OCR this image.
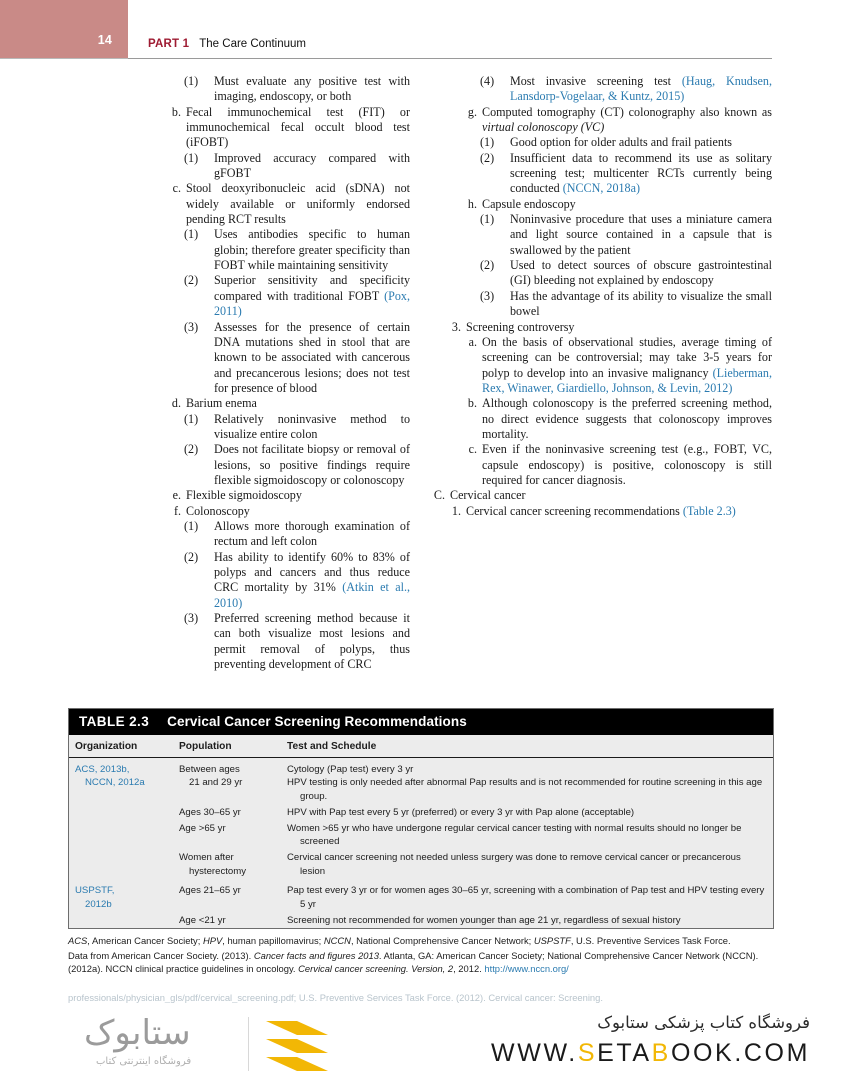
14	PART 1 The Care Continuum
(1)	Must evaluate any positive test with imaging, endoscopy, or both
b. Fecal immunochemical test (FIT) or immunochemical fecal occult blood test (iFOBT)
(1)	Improved accuracy compared with gFOBT
c. Stool deoxyribonucleic acid (sDNA) not widely available or uniformly endorsed pending RCT results
(1)	Uses antibodies specific to human globin; therefore greater specificity than FOBT while maintaining sensitivity
(2)	Superior sensitivity and specificity compared with traditional FOBT (Pox, 2011)
(3)	Assesses for the presence of certain DNA mutations shed in stool that are known to be associated with cancerous and precancerous lesions; does not test for presence of blood
d. Barium enema
(1)	Relatively noninvasive method to visualize entire colon
(2)	Does not facilitate biopsy or removal of lesions, so positive findings require flexible sigmoidoscopy or colonoscopy
e. Flexible sigmoidoscopy
f. Colonoscopy
(1)	Allows more thorough examination of rectum and left colon
(2)	Has ability to identify 60% to 83% of polyps and cancers and thus reduce CRC mortality by 31% (Atkin et al., 2010)
(3)	Preferred screening method because it can both visualize most lesions and permit removal of polyps, thus preventing development of CRC
(4)	Most invasive screening test (Haug, Knudsen, Lansdorp-Vogelaar, & Kuntz, 2015)
g. Computed tomography (CT) colonography also known as virtual colonoscopy (VC)
(1)	Good option for older adults and frail patients
(2)	Insufficient data to recommend its use as solitary screening test; multicenter RCTs currently being conducted (NCCN, 2018a)
h. Capsule endoscopy
(1)	Noninvasive procedure that uses a miniature camera and light source contained in a capsule that is swallowed by the patient
(2)	Used to detect sources of obscure gastrointestinal (GI) bleeding not explained by endoscopy
(3)	Has the advantage of its ability to visualize the small bowel
3. Screening controversy
a. On the basis of observational studies, average timing of screening can be controversial; may take 3-5 years for polyp to develop into an invasive malignancy (Lieberman, Rex, Winawer, Giardiello, Johnson, & Levin, 2012)
b. Although colonoscopy is the preferred screening method, no direct evidence suggests that colonoscopy improves mortality.
c. Even if the noninvasive screening test (e.g., FOBT, VC, capsule endoscopy) is positive, colonoscopy is still required for cancer diagnosis.
C. Cervical cancer
1. Cervical cancer screening recommendations (Table 2.3)
TABLE 2.3 Cervical Cancer Screening Recommendations
Organization	Population	Test and Schedule

ACS, 2013b,
NCCN, 2012a	Between ages
21 and 29 yr	Cytology (Pap test) every 3 yr
HPV testing is only needed after abnormal Pap results and is not recommended for routine screening in this age group.

	Ages 30–65 yr	HPV with Pap test every 5 yr (preferred) or every 3 yr with Pap alone (acceptable)

	Age >65 yr	Women >65 yr who have undergone regular cervical cancer testing with normal results should no longer be screened

	Women after
hysterectomy	Cervical cancer screening not needed unless surgery was done to remove cervical cancer or precancerous lesion

USPSTF,
2012b	Ages 21–65 yr	Pap test every 3 yr or for women ages 30–65 yr, screening with a combination of Pap test and HPV testing every 5 yr

	Age <21 yr	Screening not recommended for women younger than age 21 yr, regardless of sexual history

ACS, American Cancer Society; HPV, human papillomavirus; NCCN, National Comprehensive Cancer Network; USPSTF, U.S. Preventive Services Task Force.

Data from American Cancer Society. (2013). Cancer facts and figures 2013. Atlanta, GA: American Cancer Society; National Comprehensive Cancer Network (NCCN). (2012a). NCCN clinical practice guidelines in oncology. Cervical cancer screening. Version, 2, 2012. http://www.nccn.org/

professionals/physician_gls/pdf/cervical_screening.pdf; U.S. Preventive Services Task Force. (2012). Cervical cancer: Screening.

ستابوک
فروشگاه اینترنتی کتاب
فروشگاه کتاب پزشکی ستابوک
WWW.SETABOOK.COM
